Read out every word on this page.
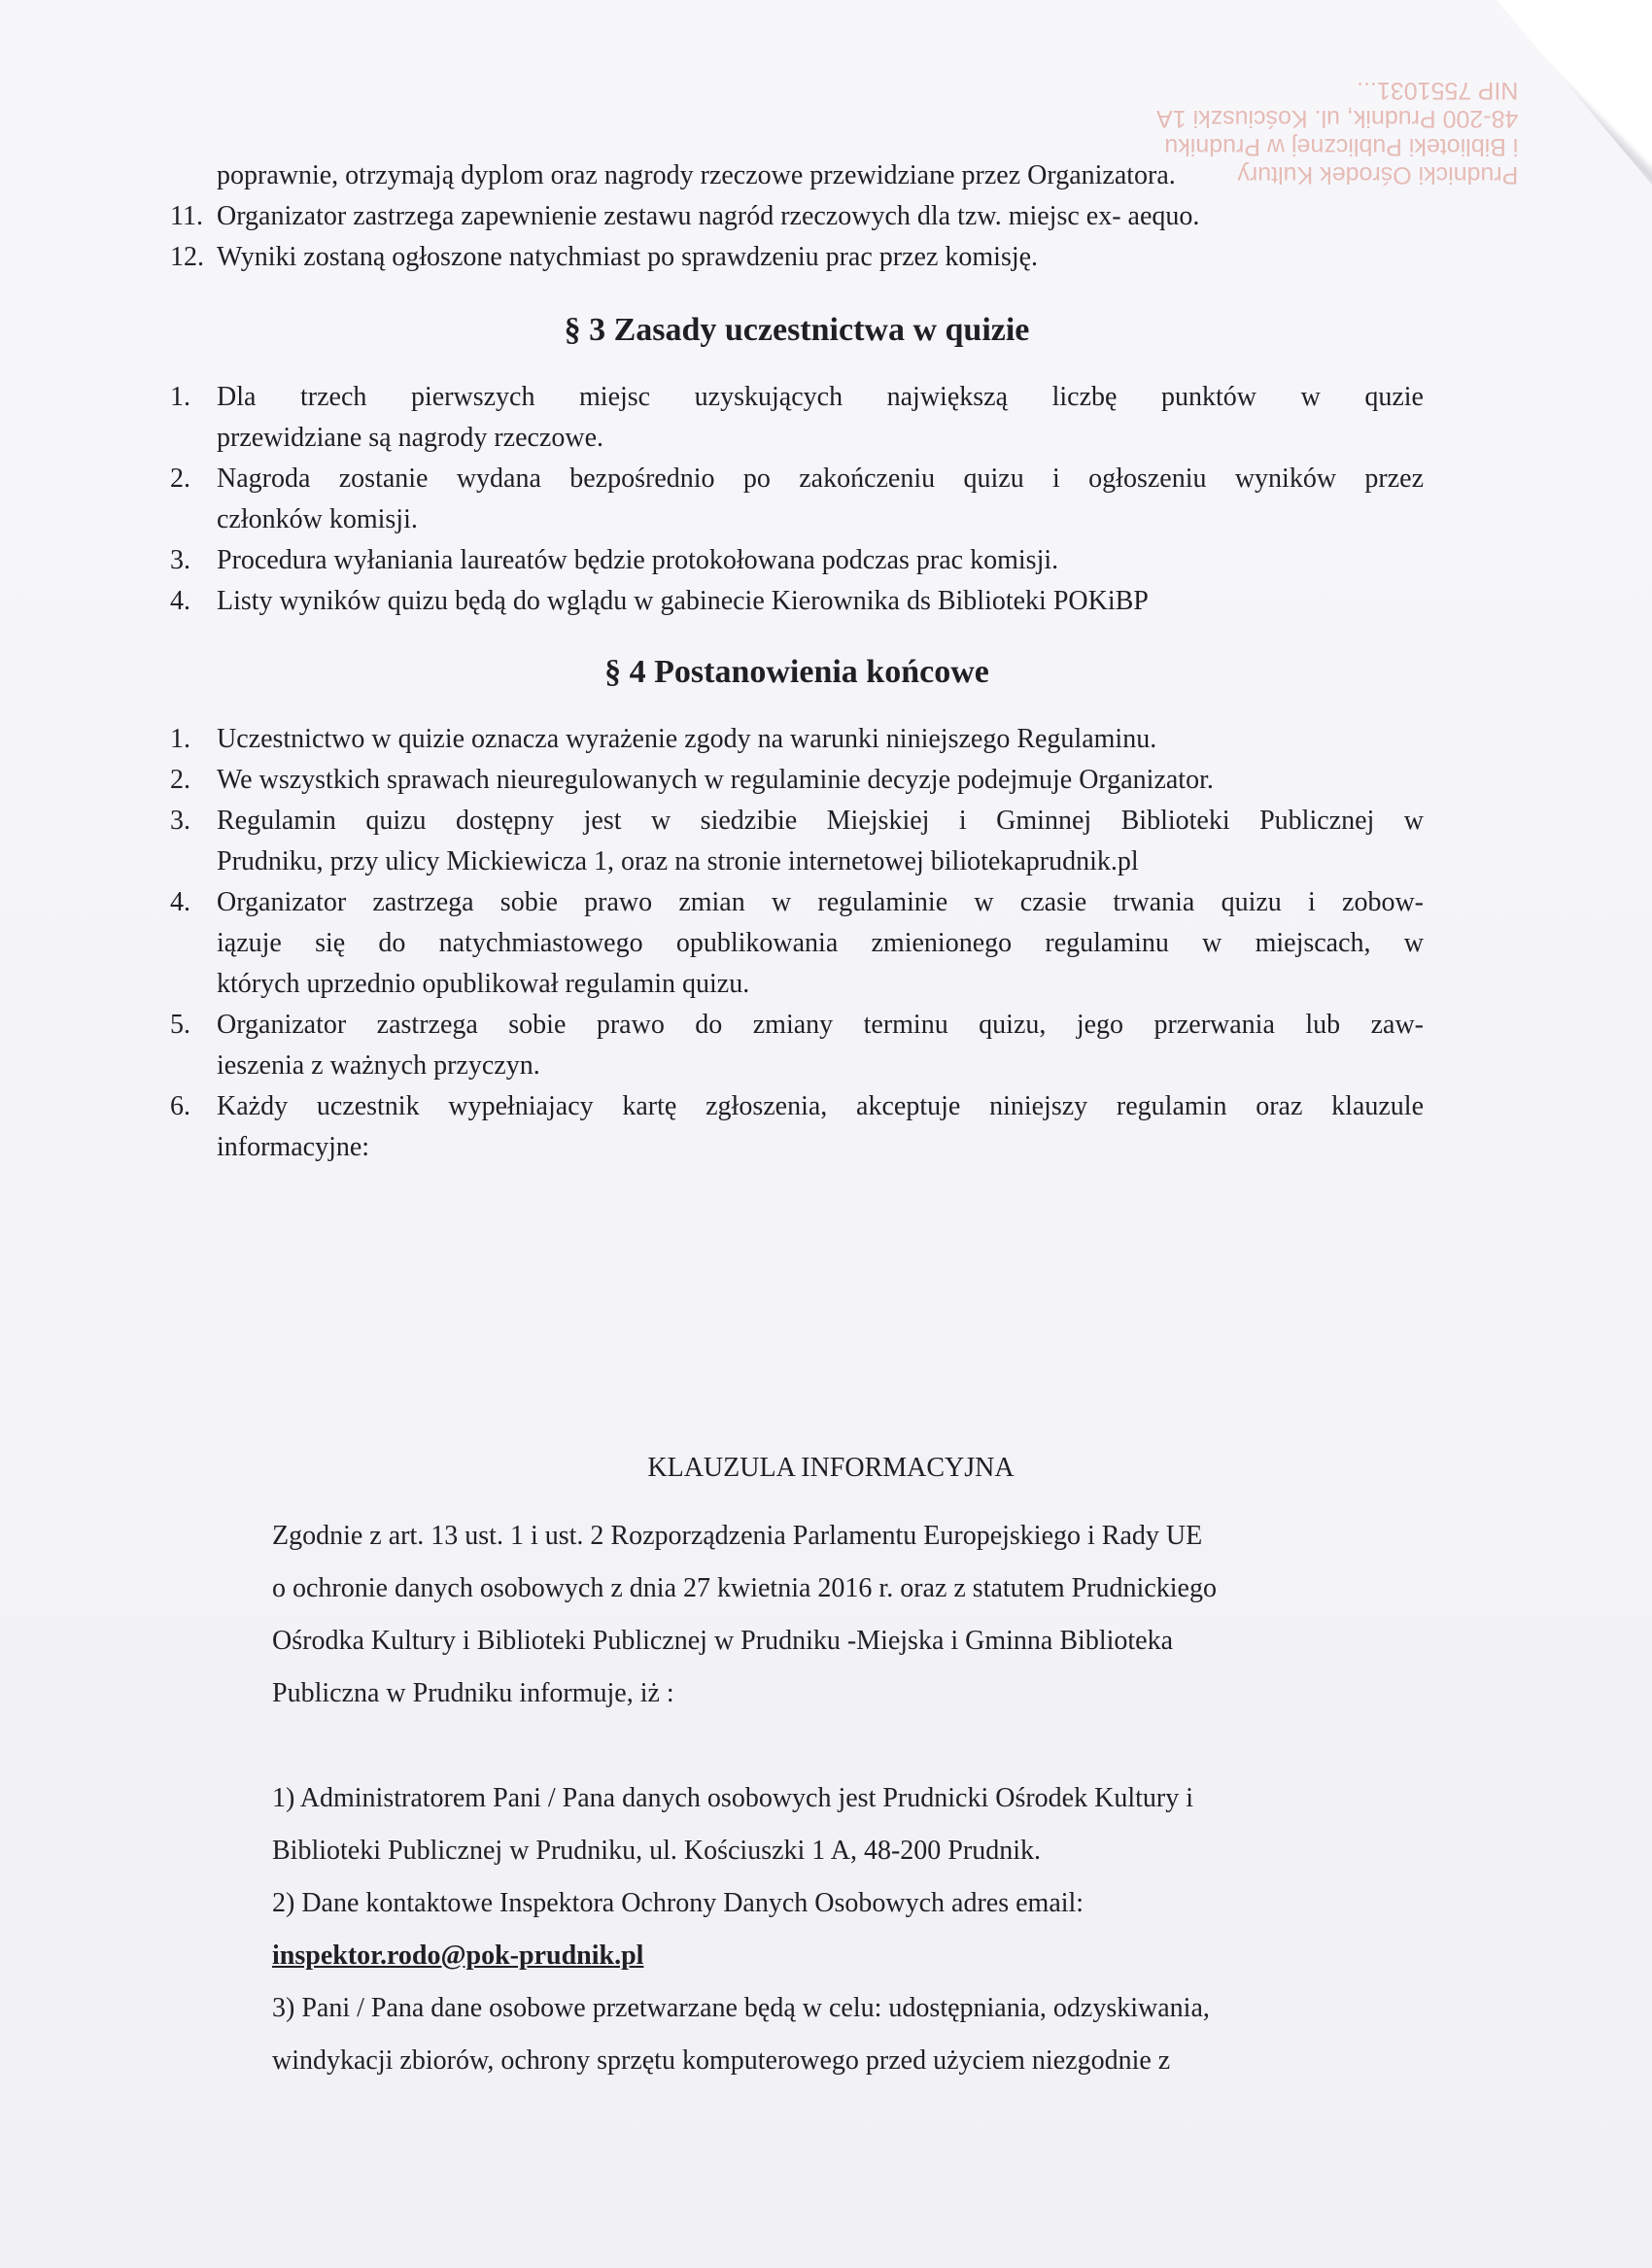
Prudnicki Ośrodek Kultury
i Biblioteki Publicznej w Prudniku
48-200 Prudnik, ul. Kościuszki 1A
NIP 7551031...
poprawnie, otrzymają dyplom oraz nagrody rzeczowe przewidziane przez Organizatora.
11. Organizator zastrzega zapewnienie zestawu nagród rzeczowych dla tzw. miejsc ex- aequo.
12. Wyniki zostaną ogłoszone natychmiast po sprawdzeniu prac przez komisję.
§ 3 Zasady uczestnictwa w quizie
1. Dla trzech pierwszych miejsc uzyskujących największą liczbę punktów w quzie
przewidziane są nagrody rzeczowe.
2. Nagroda zostanie wydana bezpośrednio po zakończeniu quizu i ogłoszeniu wyników przez
członków komisji.
3. Procedura wyłaniania laureatów będzie protokołowana podczas prac komisji.
4. Listy wyników quizu będą do wglądu w gabinecie Kierownika ds Biblioteki POKiBP
§ 4 Postanowienia końcowe
1. Uczestnictwo w quizie oznacza wyrażenie zgody na warunki niniejszego Regulaminu.
2. We wszystkich sprawach nieuregulowanych w regulaminie decyzje podejmuje Organizator.
3. Regulamin quizu dostępny jest w siedzibie Miejskiej i Gminnej Biblioteki Publicznej w
Prudniku, przy ulicy Mickiewicza 1, oraz na stronie internetowej biliotekaprudnik.pl
4. Organizator zastrzega sobie prawo zmian w regulaminie w czasie trwania quizu i zobow-
iązuje się do natychmiastowego opublikowania zmienionego regulaminu w miejscach, w
których uprzednio opublikował regulamin quizu.
5. Organizator zastrzega sobie prawo do zmiany terminu quizu, jego przerwania lub zaw-
ieszenia z ważnych przyczyn.
6. Każdy uczestnik wypełniajacy kartę zgłoszenia, akceptuje niniejszy regulamin oraz klauzule
informacyjne:
KLAUZULA INFORMACYJNA
Zgodnie z art. 13 ust. 1 i ust. 2 Rozporządzenia Parlamentu Europejskiego i Rady UE
o ochronie danych osobowych z dnia 27 kwietnia 2016 r. oraz z statutem Prudnickiego
Ośrodka Kultury i Biblioteki Publicznej w Prudniku -Miejska i Gminna Biblioteka
Publiczna w Prudniku informuje, iż :
1) Administratorem Pani / Pana danych osobowych jest Prudnicki Ośrodek Kultury i
Biblioteki Publicznej w Prudniku, ul. Kościuszki 1 A, 48-200 Prudnik.
2) Dane kontaktowe Inspektora Ochrony Danych Osobowych adres email:
inspektor.rodo@pok-prudnik.pl
3) Pani / Pana dane osobowe przetwarzane będą w celu: udostępniania, odzyskiwania,
windykacji zbiorów, ochrony sprzętu komputerowego przed użyciem niezgodnie z
